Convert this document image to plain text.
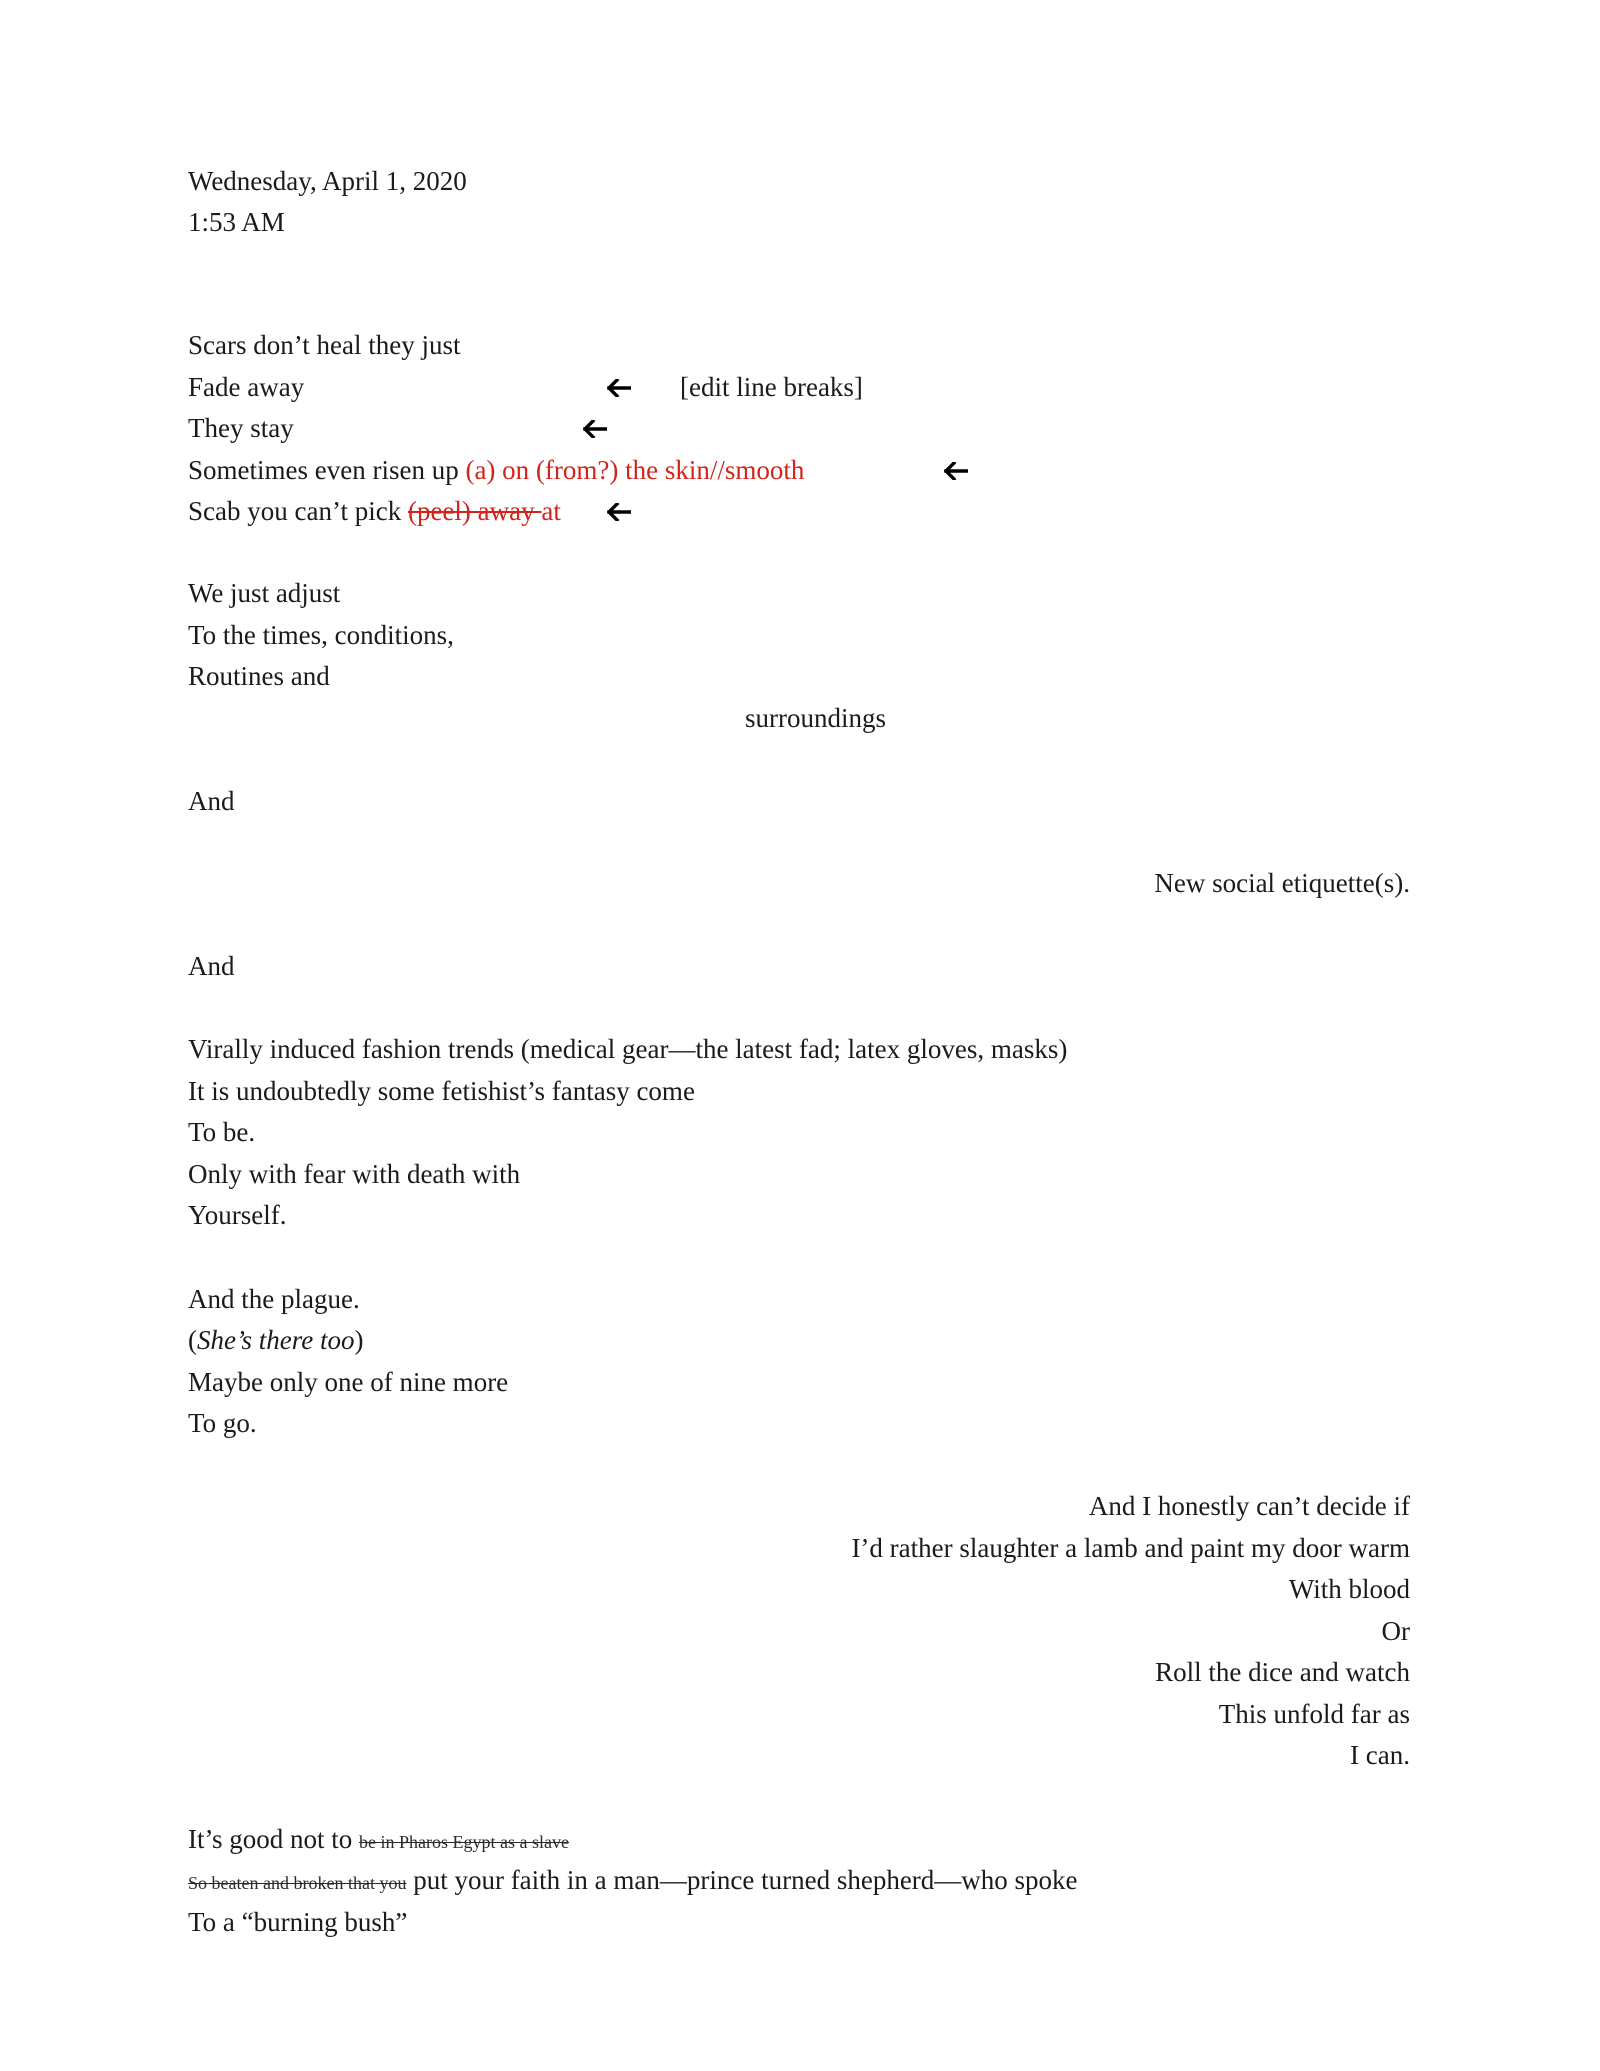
Wednesday, April 1, 2020
1:53 AM
Scars don’t heal they just
Fade away	[edit line breaks]
They stay
Sometimes even risen up (a) on (from?) the skin//smooth
Scab you can’t pick (peel) away at
We just adjust
To the times, conditions,
Routines and
surroundings
And
New social etiquette(s).
And
Virally induced fashion trends (medical gear—the latest fad; latex gloves, masks)
It is undoubtedly some fetishist’s fantasy come
To be.
Only with fear with death with
Yourself.
And the plague.
(She’s there too)
Maybe only one of nine more
To go.
And I honestly can’t decide if
I’d rather slaughter a lamb and paint my door warm
With blood
Or
Roll the dice and watch
This unfold far as
I can.
It’s good not to be in Pharos Egypt as a slave
So beaten and broken that you put your faith in a man—prince turned shepherd—who spoke
To a “burning bush”
